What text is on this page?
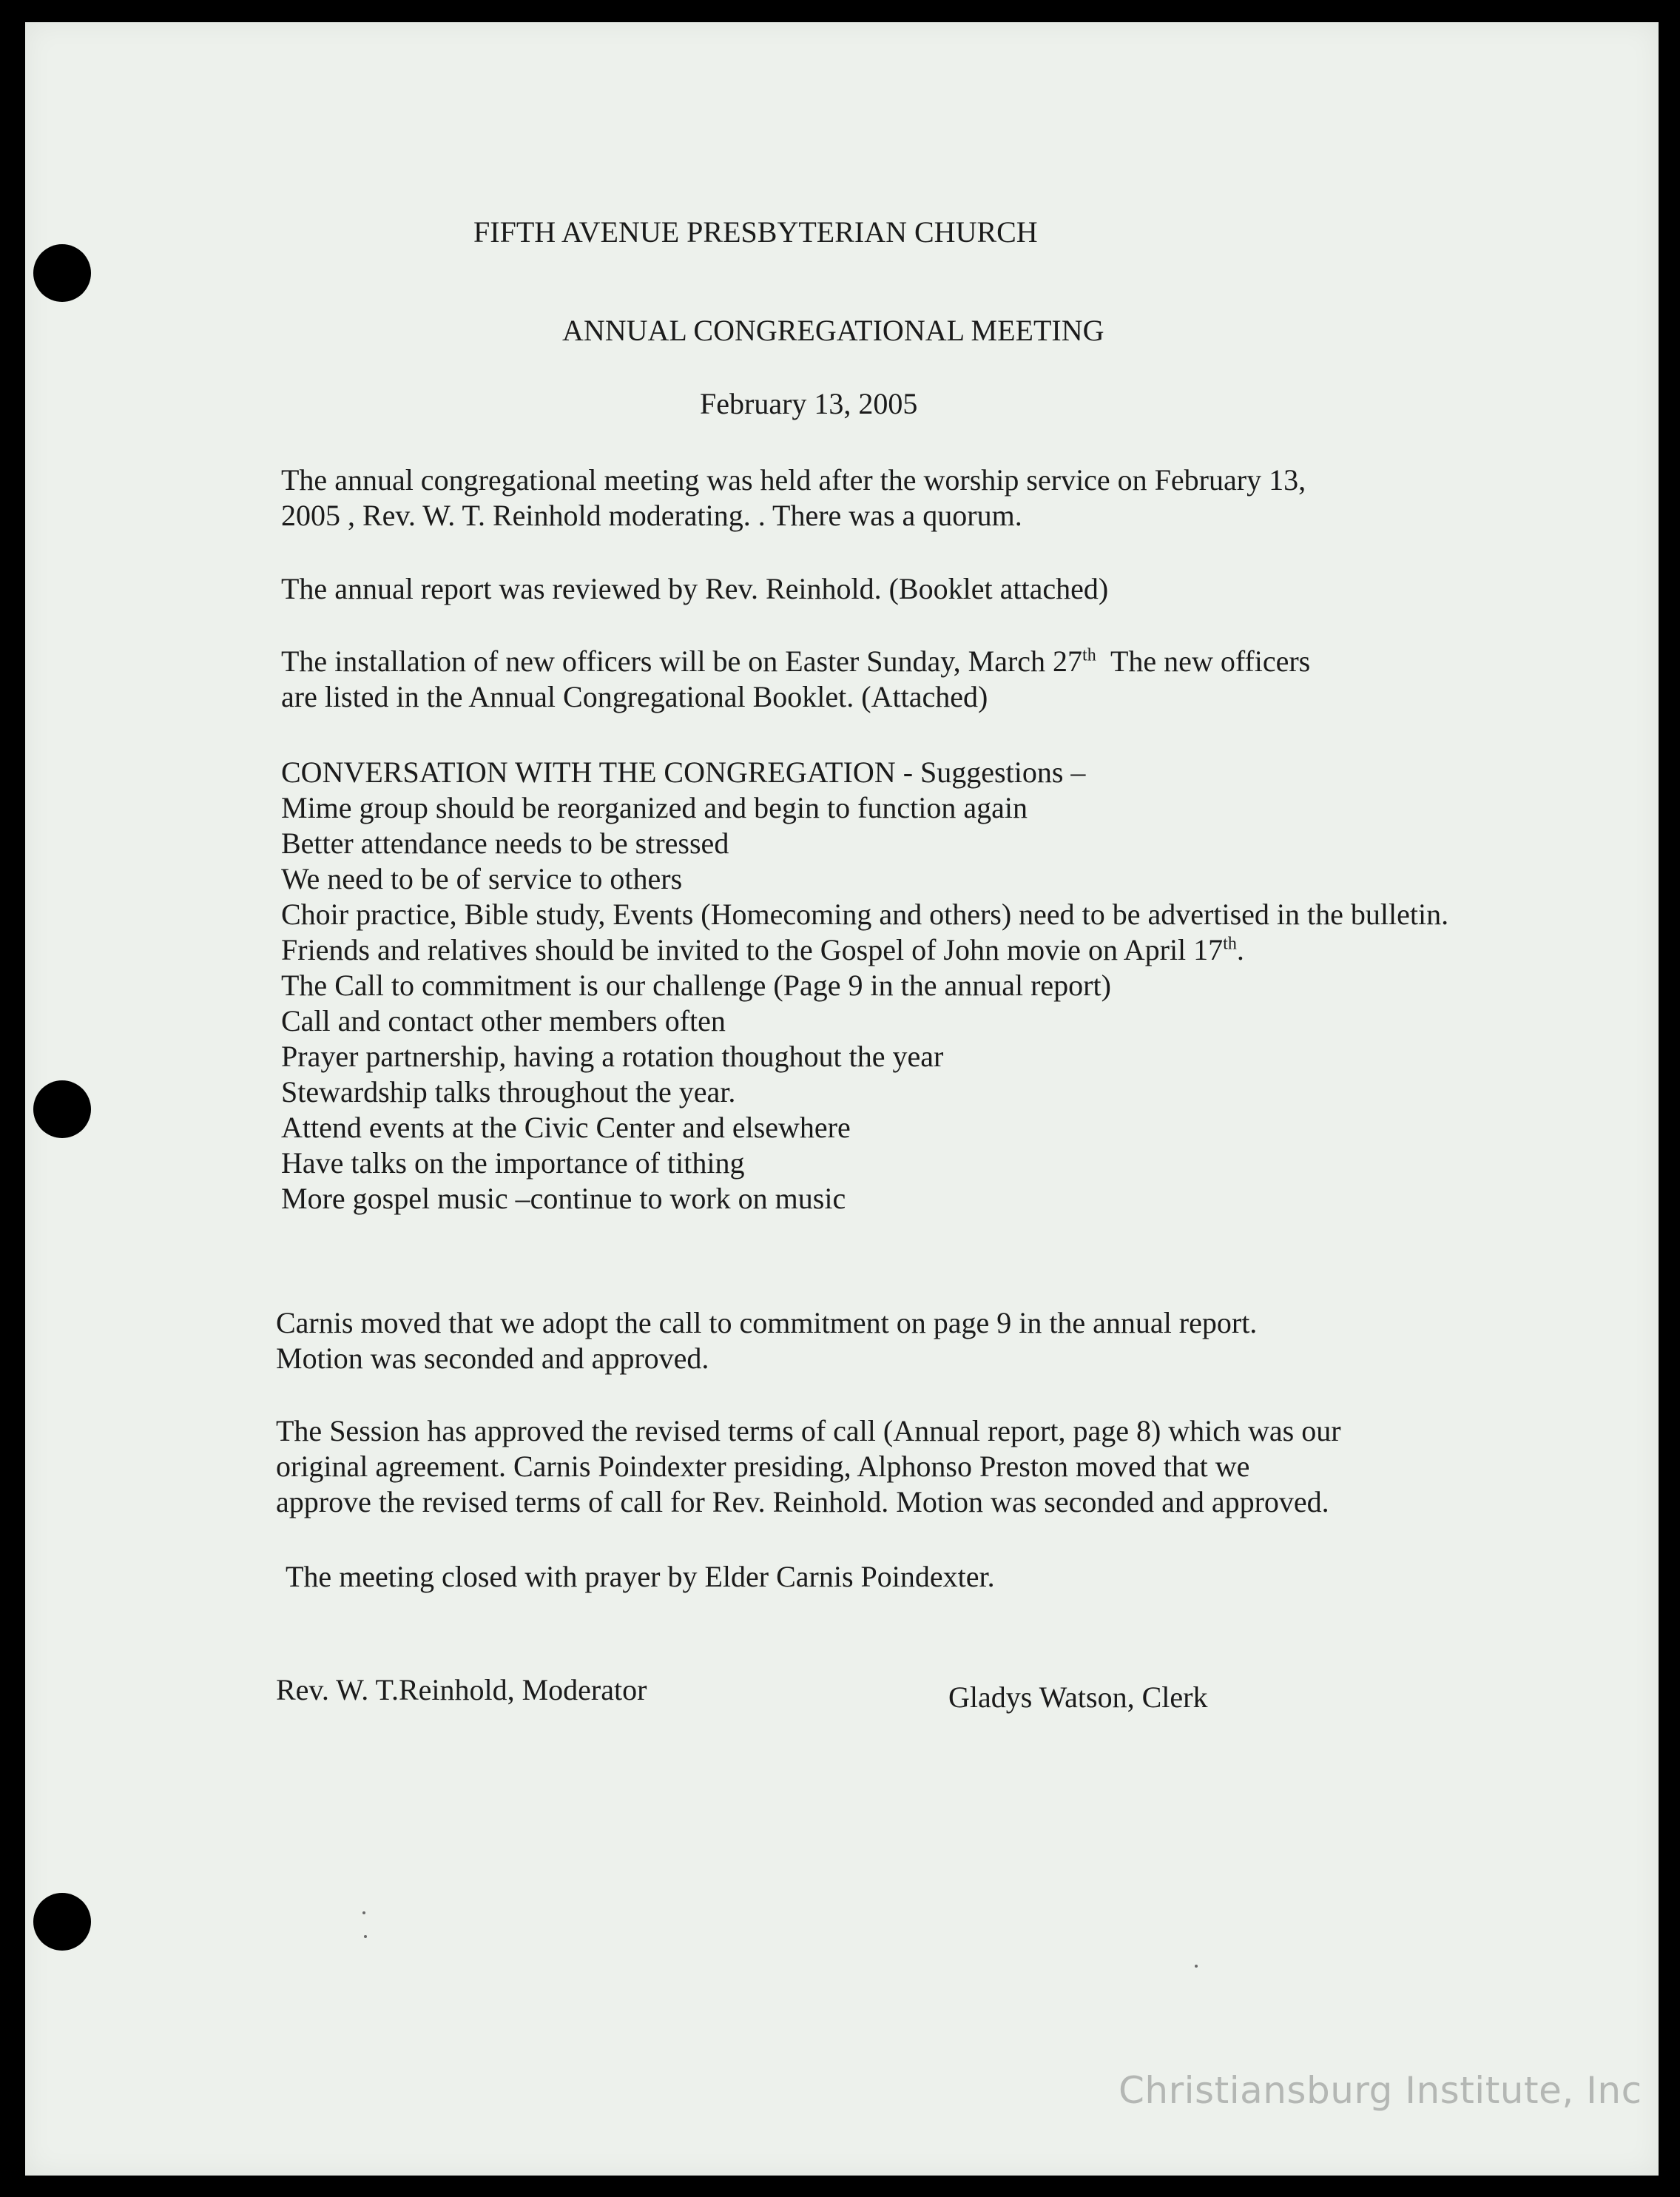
FIFTH AVENUE PRESBYTERIAN CHURCH

ANNUAL CONGREGATIONAL MEETING

February 13, 2005

The annual congregational meeting was held after the worship service on February 13,
2005 , Rev. W. T. Reinhold moderating. . There was a quorum.

The annual report was reviewed by Rev. Reinhold. (Booklet attached)

The installation of new officers will be on Easter Sunday, March 27th  The new officers
are listed in the Annual Congregational Booklet. (Attached)

CONVERSATION WITH THE CONGREGATION - Suggestions –

Mime group should be reorganized and begin to function again
Better attendance needs to be stressed
We need to be of service to others
Choir practice, Bible study, Events (Homecoming and others) need to be advertised in the bulletin.
Friends and relatives should be invited to the Gospel of John movie on April 17th.
The Call to commitment is our challenge (Page 9 in the annual report)
Call and contact other members often
Prayer partnership, having a rotation thoughout the year
Stewardship talks throughout the year.
Attend events at the Civic Center and elsewhere
Have talks on the importance of tithing
More gospel music –continue to work on music

Carnis moved that we adopt the call to commitment on page 9 in the annual report.
Motion was seconded and approved.

The Session has approved the revised terms of call (Annual report, page 8) which was our
original agreement. Carnis Poindexter presiding, Alphonso Preston moved that we
approve the revised terms of call for Rev. Reinhold. Motion was seconded and approved.

The meeting closed with prayer by Elder Carnis Poindexter.

Rev. W. T.Reinhold, Moderator	Gladys Watson, Clerk

Christiansburg Institute, Inc
